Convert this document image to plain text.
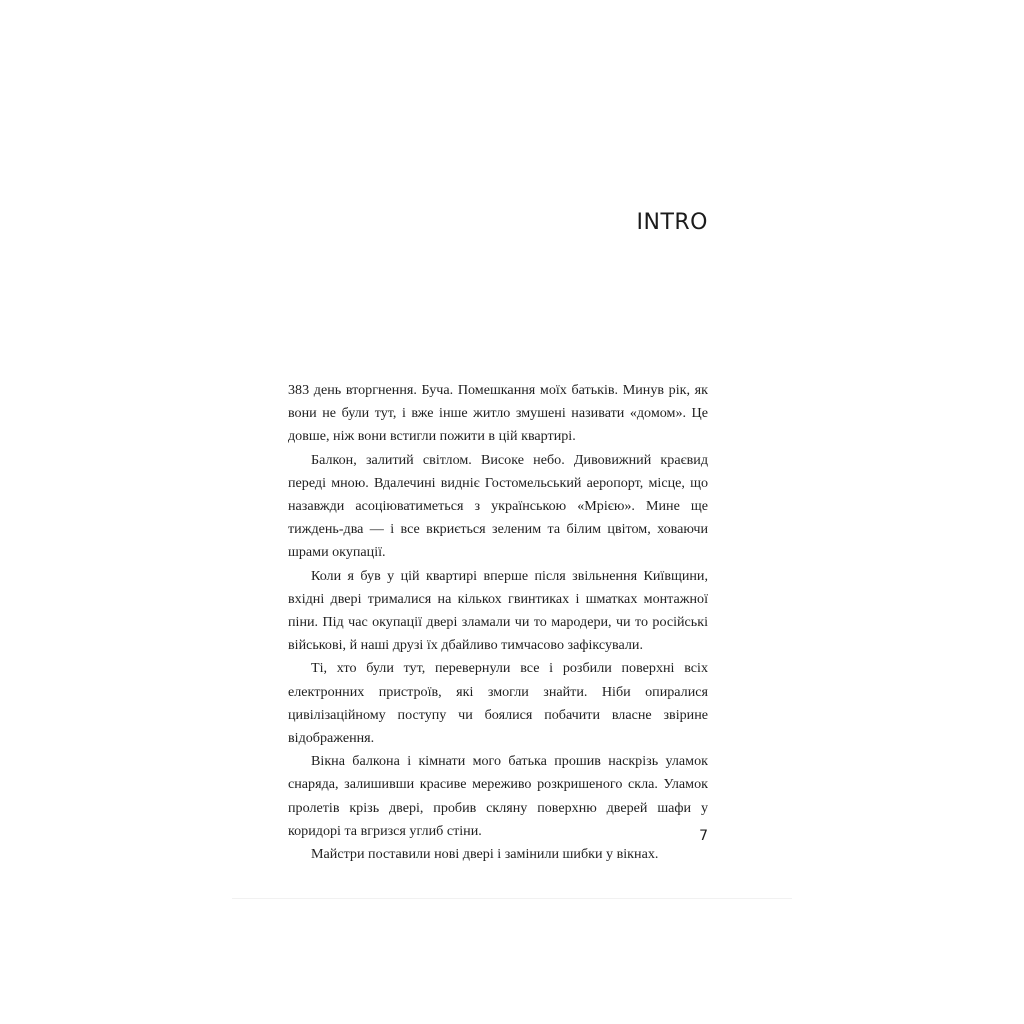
INTRO

383 день вторгнення. Буча. Помешкання моїх батьків. Минув рік, як вони не були тут, і вже інше житло змушені називати «домом». Це довше, ніж вони встигли пожити в цій квартирі.

Балкон, залитий світлом. Високе небо. Дивовижний краєвид переді мною. Вдалечині видніє Гостомельський аеропорт, місце, що назавжди асоціюватиметься з українською «Мрією». Мине ще тиждень-два — і все вкриється зеленим та білим цвітом, ховаючи шрами окупації.

Коли я був у цій квартирі вперше після звільнення Київщини, вхідні двері трималися на кількох гвинтиках і шматках монтажної піни. Під час окупації двері зламали чи то мародери, чи то російські військові, й наші друзі їх дбайливо тимчасово зафіксували.

Ті, хто були тут, перевернули все і розбили поверхні всіх електронних пристроїв, які змогли знайти. Ніби опиралися цивілізаційному поступу чи боялися побачити власне звірине відображення.

Вікна балкона і кімнати мого батька прошив наскрізь уламок снаряда, залишивши красиве мереживо розкришеного скла. Уламок пролетів крізь двері, пробив скляну поверхню дверей шафи у коридорі та вгризся углиб стіни.

Майстри поставили нові двері і замінили шибки у вікнах.

7
